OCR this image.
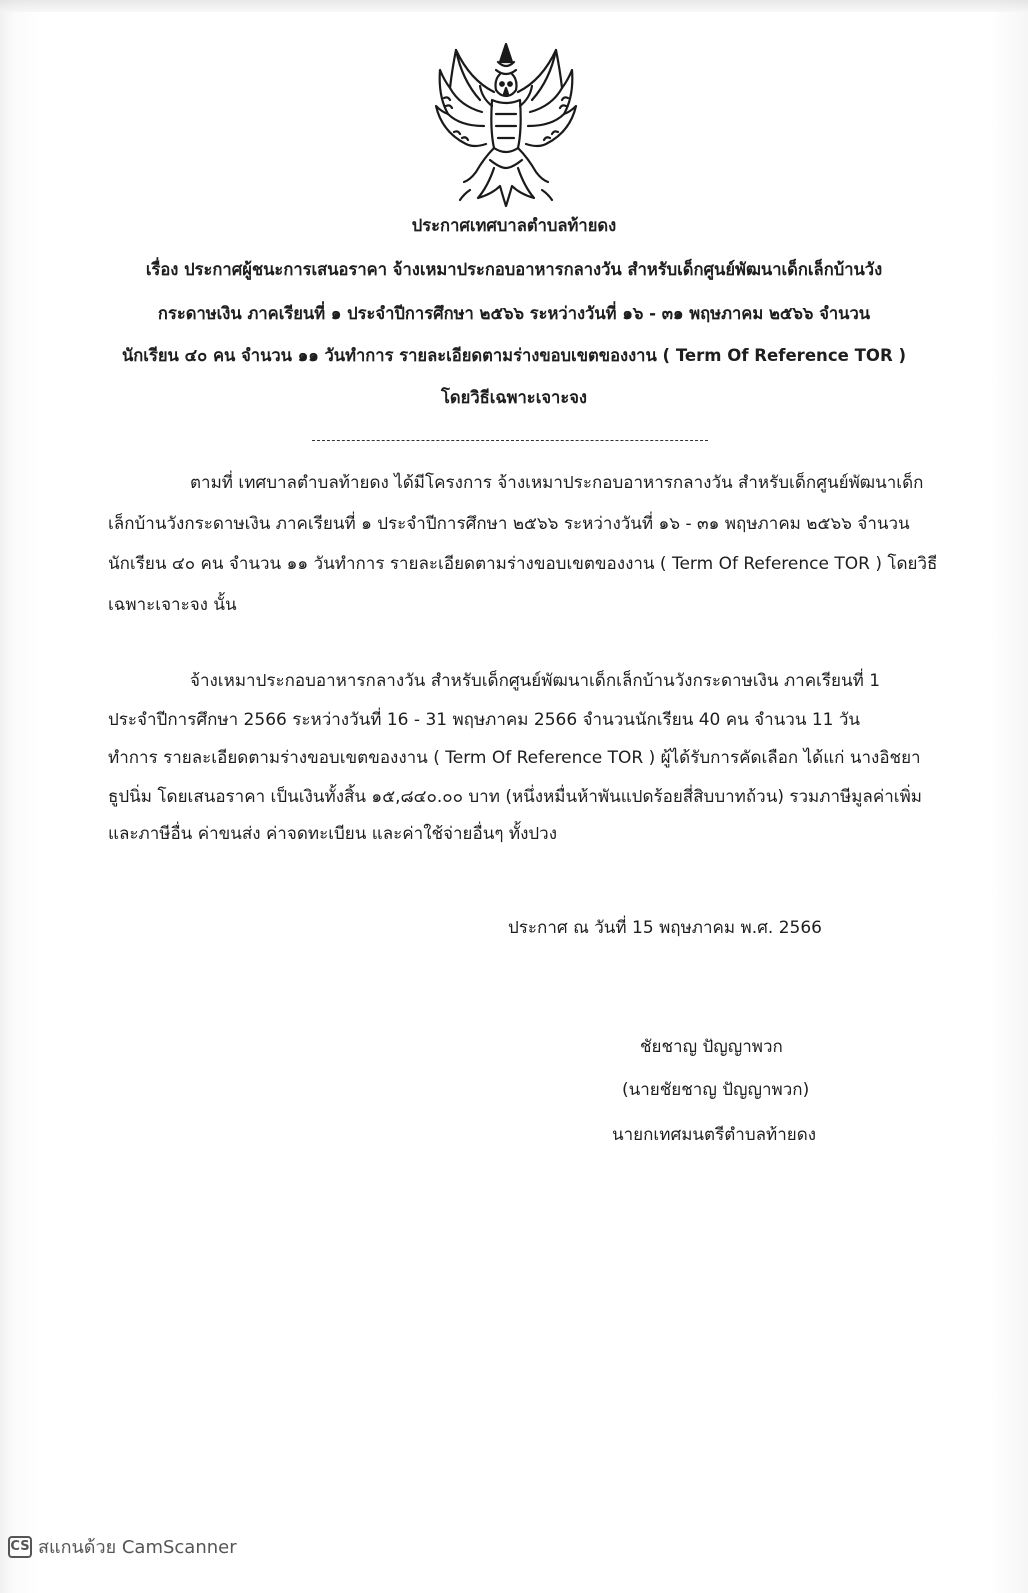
ประกาศเทศบาลตำบลท้ายดง
เรื่อง ประกาศผู้ชนะการเสนอราคา จ้างเหมาประกอบอาหารกลางวัน สำหรับเด็กศูนย์พัฒนาเด็กเล็กบ้านวัง
กระดาษเงิน ภาคเรียนที่ ๑ ประจำปีการศึกษา ๒๕๖๖ ระหว่างวันที่ ๑๖ - ๓๑ พฤษภาคม ๒๕๖๖ จำนวน
นักเรียน ๔๐ คน จำนวน ๑๑ วันทำการ รายละเอียดตามร่างขอบเขตของงาน ( Term Of Reference TOR )
โดยวิธีเฉพาะเจาะจง
ตามที่ เทศบาลตำบลท้ายดง ได้มีโครงการ จ้างเหมาประกอบอาหารกลางวัน สำหรับเด็กศูนย์พัฒนาเด็ก
เล็กบ้านวังกระดาษเงิน ภาคเรียนที่ ๑ ประจำปีการศึกษา ๒๕๖๖ ระหว่างวันที่ ๑๖ - ๓๑ พฤษภาคม ๒๕๖๖ จำนวน
นักเรียน ๔๐ คน จำนวน ๑๑ วันทำการ รายละเอียดตามร่างขอบเขตของงาน ( Term Of Reference TOR ) โดยวิธี
เฉพาะเจาะจง นั้น
จ้างเหมาประกอบอาหารกลางวัน สำหรับเด็กศูนย์พัฒนาเด็กเล็กบ้านวังกระดาษเงิน ภาคเรียนที่ 1
ประจำปีการศึกษา 2566 ระหว่างวันที่ 16 - 31 พฤษภาคม 2566 จำนวนนักเรียน 40 คน จำนวน 11 วัน
ทำการ รายละเอียดตามร่างขอบเขตของงาน ( Term Of Reference TOR ) ผู้ได้รับการคัดเลือก ได้แก่ นางอิชยา
ธูปนิ่ม โดยเสนอราคา เป็นเงินทั้งสิ้น ๑๕,๘๔๐.๐๐ บาท (หนึ่งหมื่นห้าพันแปดร้อยสี่สิบบาทถ้วน) รวมภาษีมูลค่าเพิ่ม
และภาษีอื่น ค่าขนส่ง ค่าจดทะเบียน และค่าใช้จ่ายอื่นๆ ทั้งปวง
ประกาศ ณ วันที่ 15 พฤษภาคม พ.ศ. 2566
ชัยชาญ ปัญญาพวก
(นายชัยชาญ ปัญญาพวก)
นายกเทศมนตรีตำบลท้ายดง
CS สแกนด้วย CamScanner
